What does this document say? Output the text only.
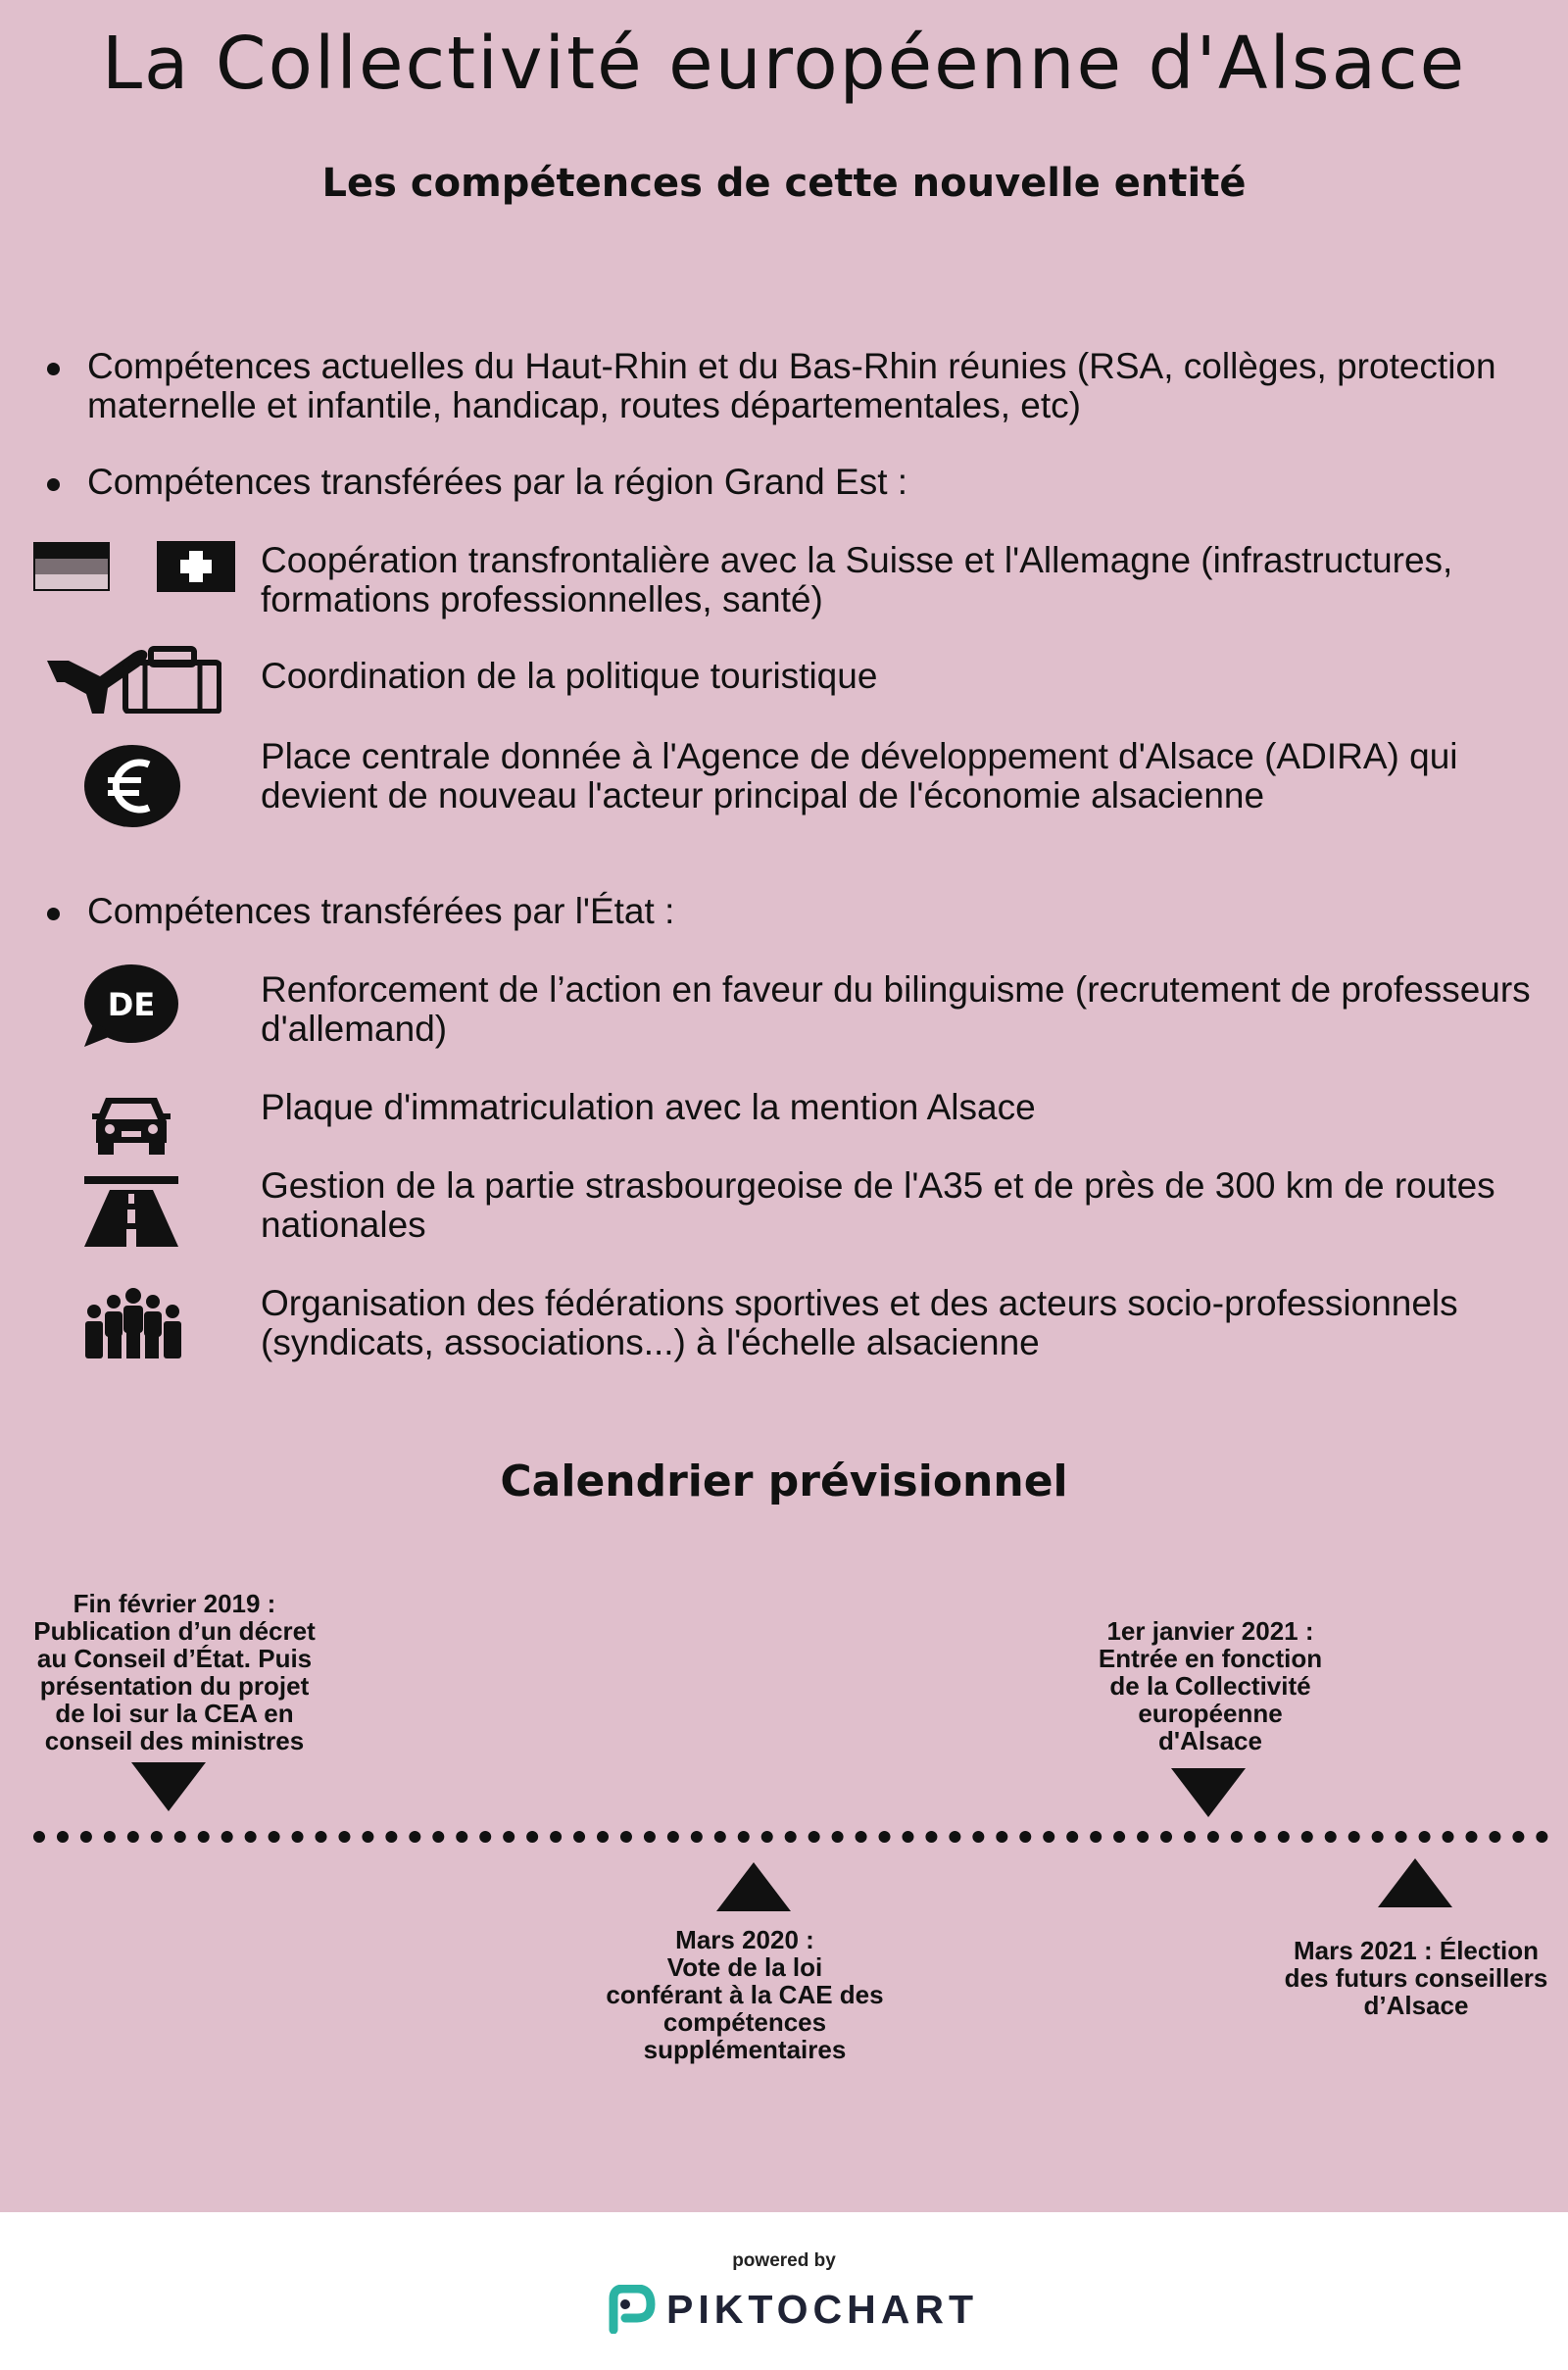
La Collectivité européenne d'Alsace
Les compétences de cette nouvelle entité
Compétences actuelles du Haut-Rhin et du Bas-Rhin réunies (RSA, collèges, protection maternelle et infantile, handicap, routes départementales, etc)
Compétences transférées par la région Grand Est :
Coopération transfrontalière avec la Suisse et l'Allemagne (infrastructures, formations professionnelles, santé)
Coordination de la politique touristique
Place centrale donnée à l'Agence de développement d'Alsace (ADIRA) qui devient de nouveau l'acteur principal de l'économie alsacienne
Compétences transférées par l'État :
DE	Renforcement de l’action en faveur du bilinguisme (recrutement de professeurs d'allemand)
Plaque d'immatriculation avec la mention Alsace
Gestion de la partie strasbourgeoise de l'A35 et de près de 300 km de routes nationales
Organisation des fédérations sportives et des acteurs socio-professionnels (syndicats, associations...) à l'échelle alsacienne
Calendrier prévisionnel
Fin février 2019 :
Publication d’un décret
au Conseil d’État. Puis
présentation du projet
de loi sur la CEA en
conseil des ministres
1er janvier 2021 :
Entrée en fonction
de la Collectivité
européenne
d'Alsace
Mars 2020 :
Vote de la loi
conférant à la CAE des
compétences
supplémentaires
Mars 2021 : Élection
des futurs conseillers
d’Alsace
powered by
PIKTOCHART
